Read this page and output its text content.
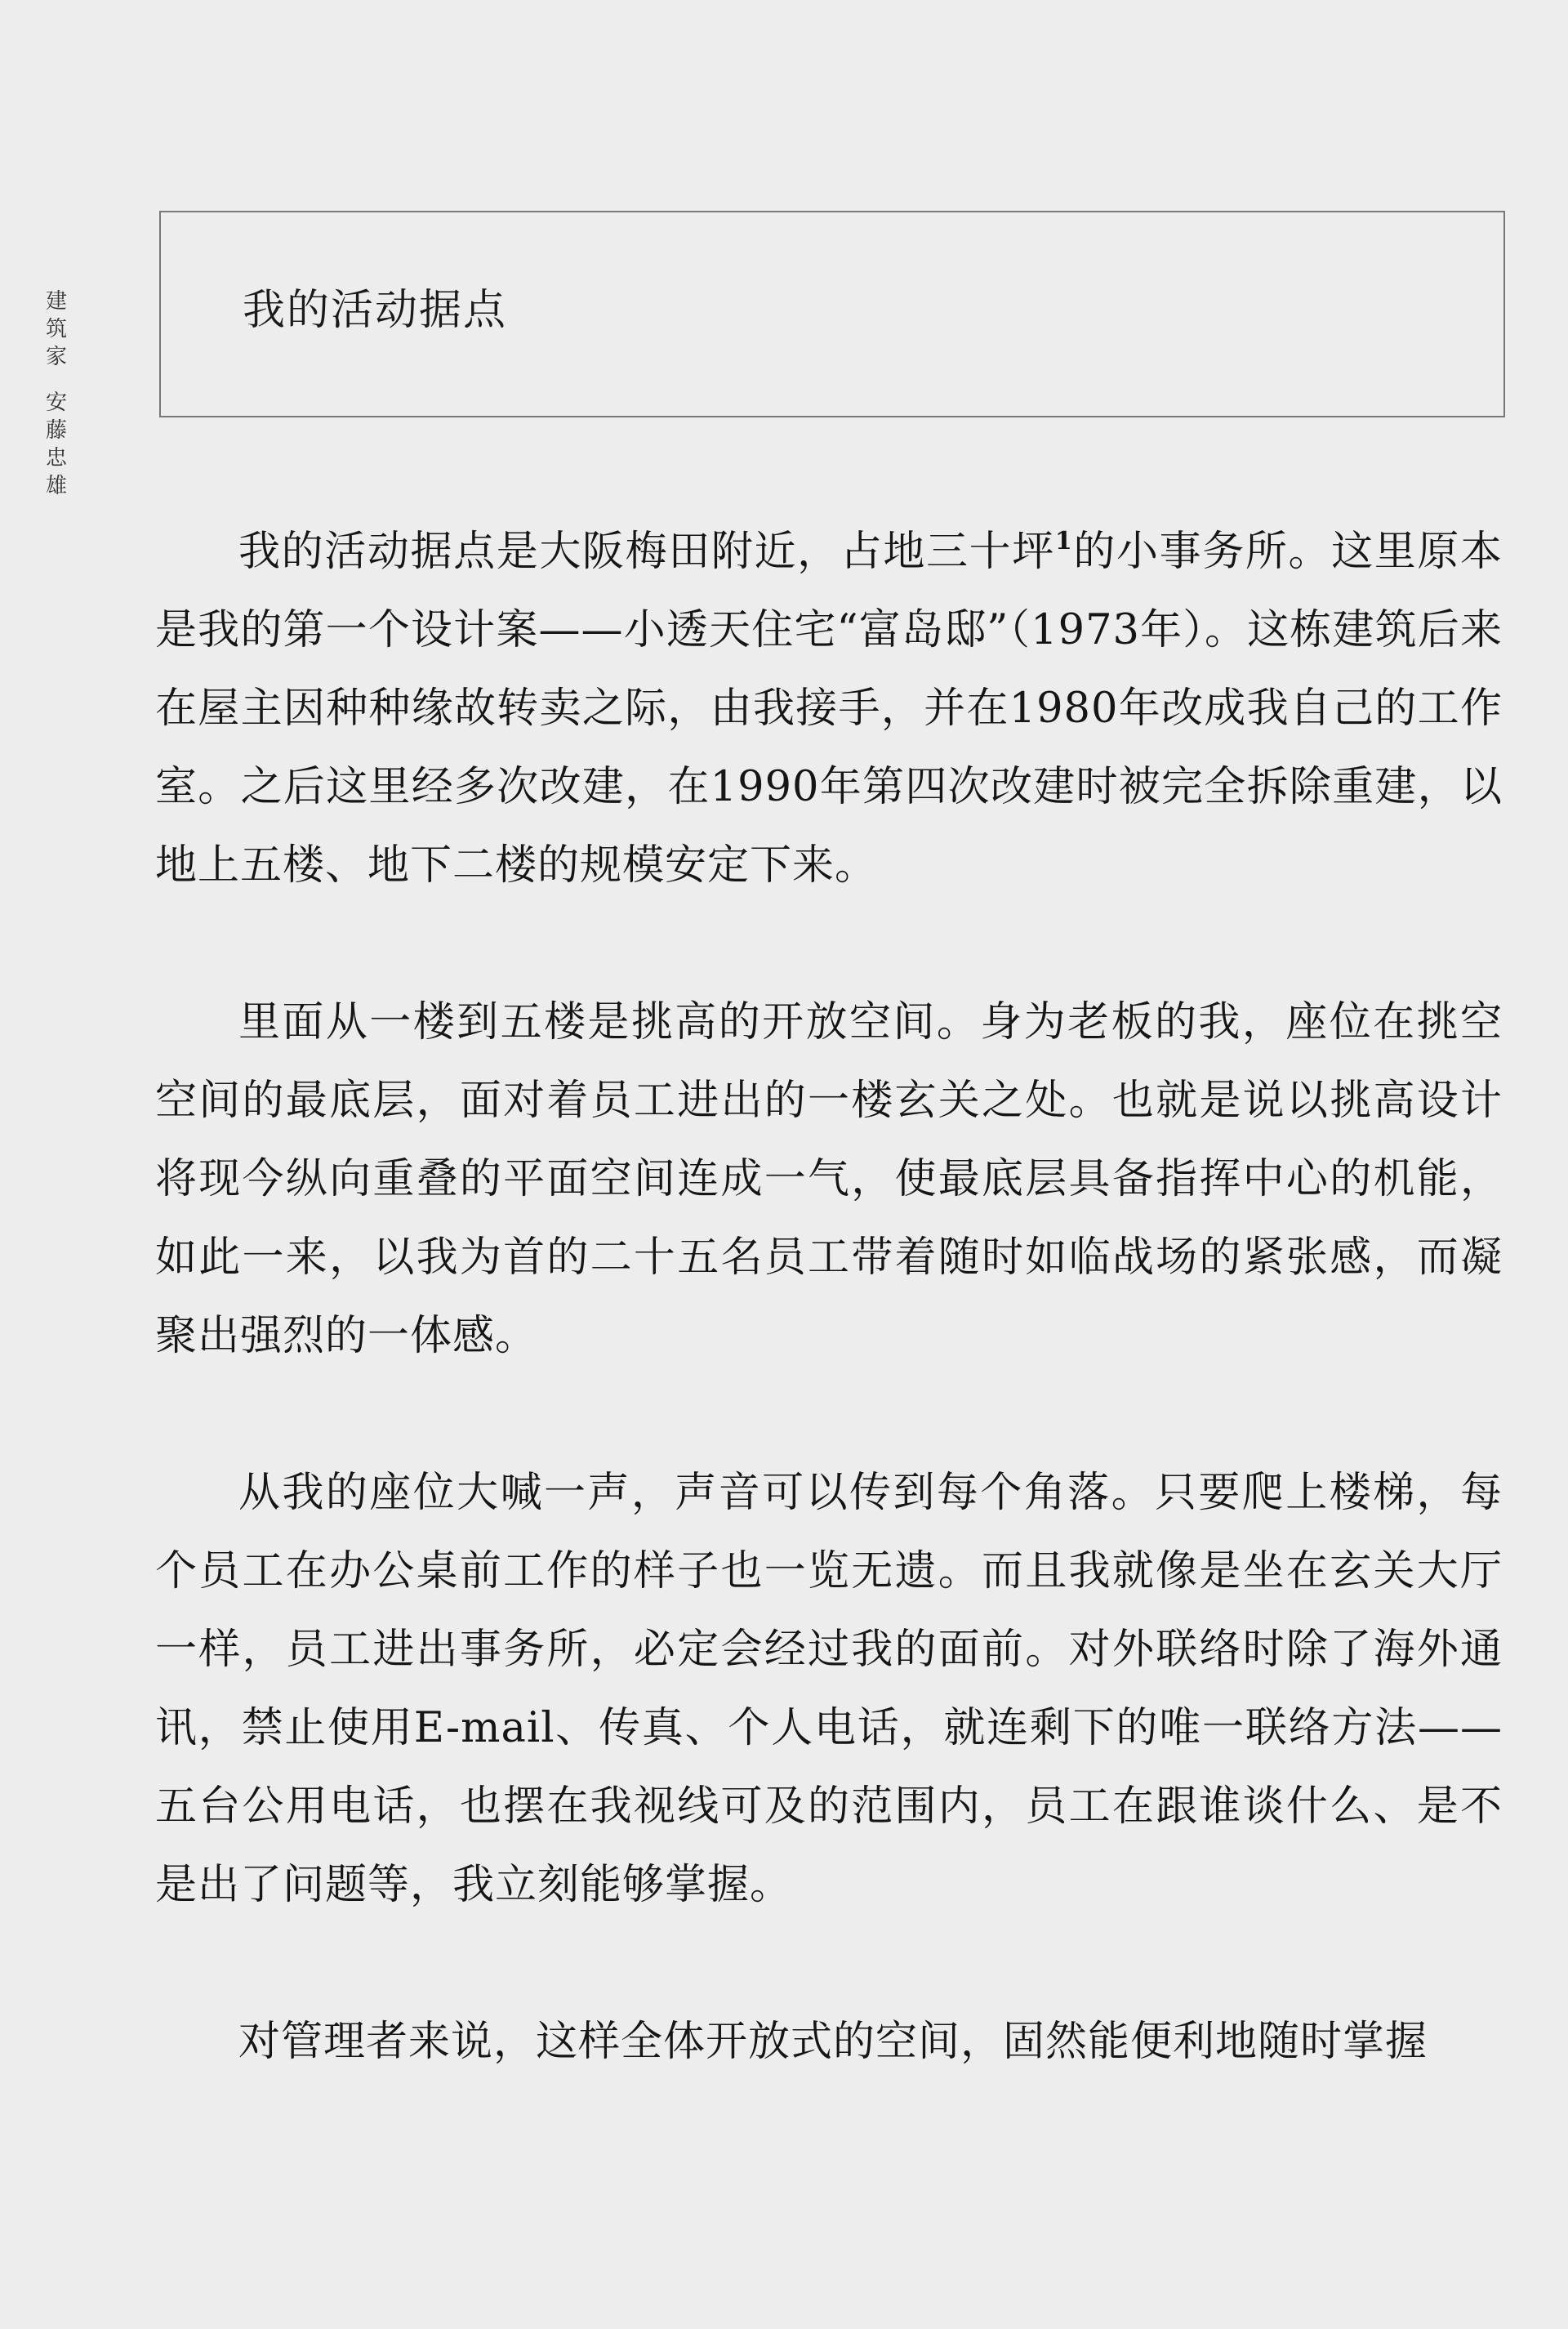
建筑家
安藤忠雄
我的活动据点

我的活动据点是大阪梅田附近，占地三十坪$^1$的小事务所。这里原本是我的第一个设计案——小透天住宅“富岛邸”（1973年）。这栋建筑后来在屋主因种种缘故转卖之际，由我接手，并在1980年改成我自己的工作室。之后这里经多次改建，在1990年第四次改建时被完全拆除重建，以地上五楼、地下二楼的规模安定下来。

里面从一楼到五楼是挑高的开放空间。身为老板的我，座位在挑空空间的最底层，面对着员工进出的一楼玄关之处。也就是说以挑高设计将现今纵向重叠的平面空间连成一气，使最底层具备指挥中心的机能，如此一来，以我为首的二十五名员工带着随时如临战场的紧张感，而凝聚出强烈的一体感。

从我的座位大喊一声，声音可以传到每个角落。只要爬上楼梯，每个员工在办公桌前工作的样子也一览无遗。而且我就像是坐在玄关大厅一样，员工进出事务所，必定会经过我的面前。对外联络时除了海外通讯，禁止使用E-mail、传真、个人电话，就连剩下的唯一联络方法——五台公用电话，也摆在我视线可及的范围内，员工在跟谁谈什么、是不是出了问题等，我立刻能够掌握。

对管理者来说，这样全体开放式的空间，固然能便利地随时掌握
